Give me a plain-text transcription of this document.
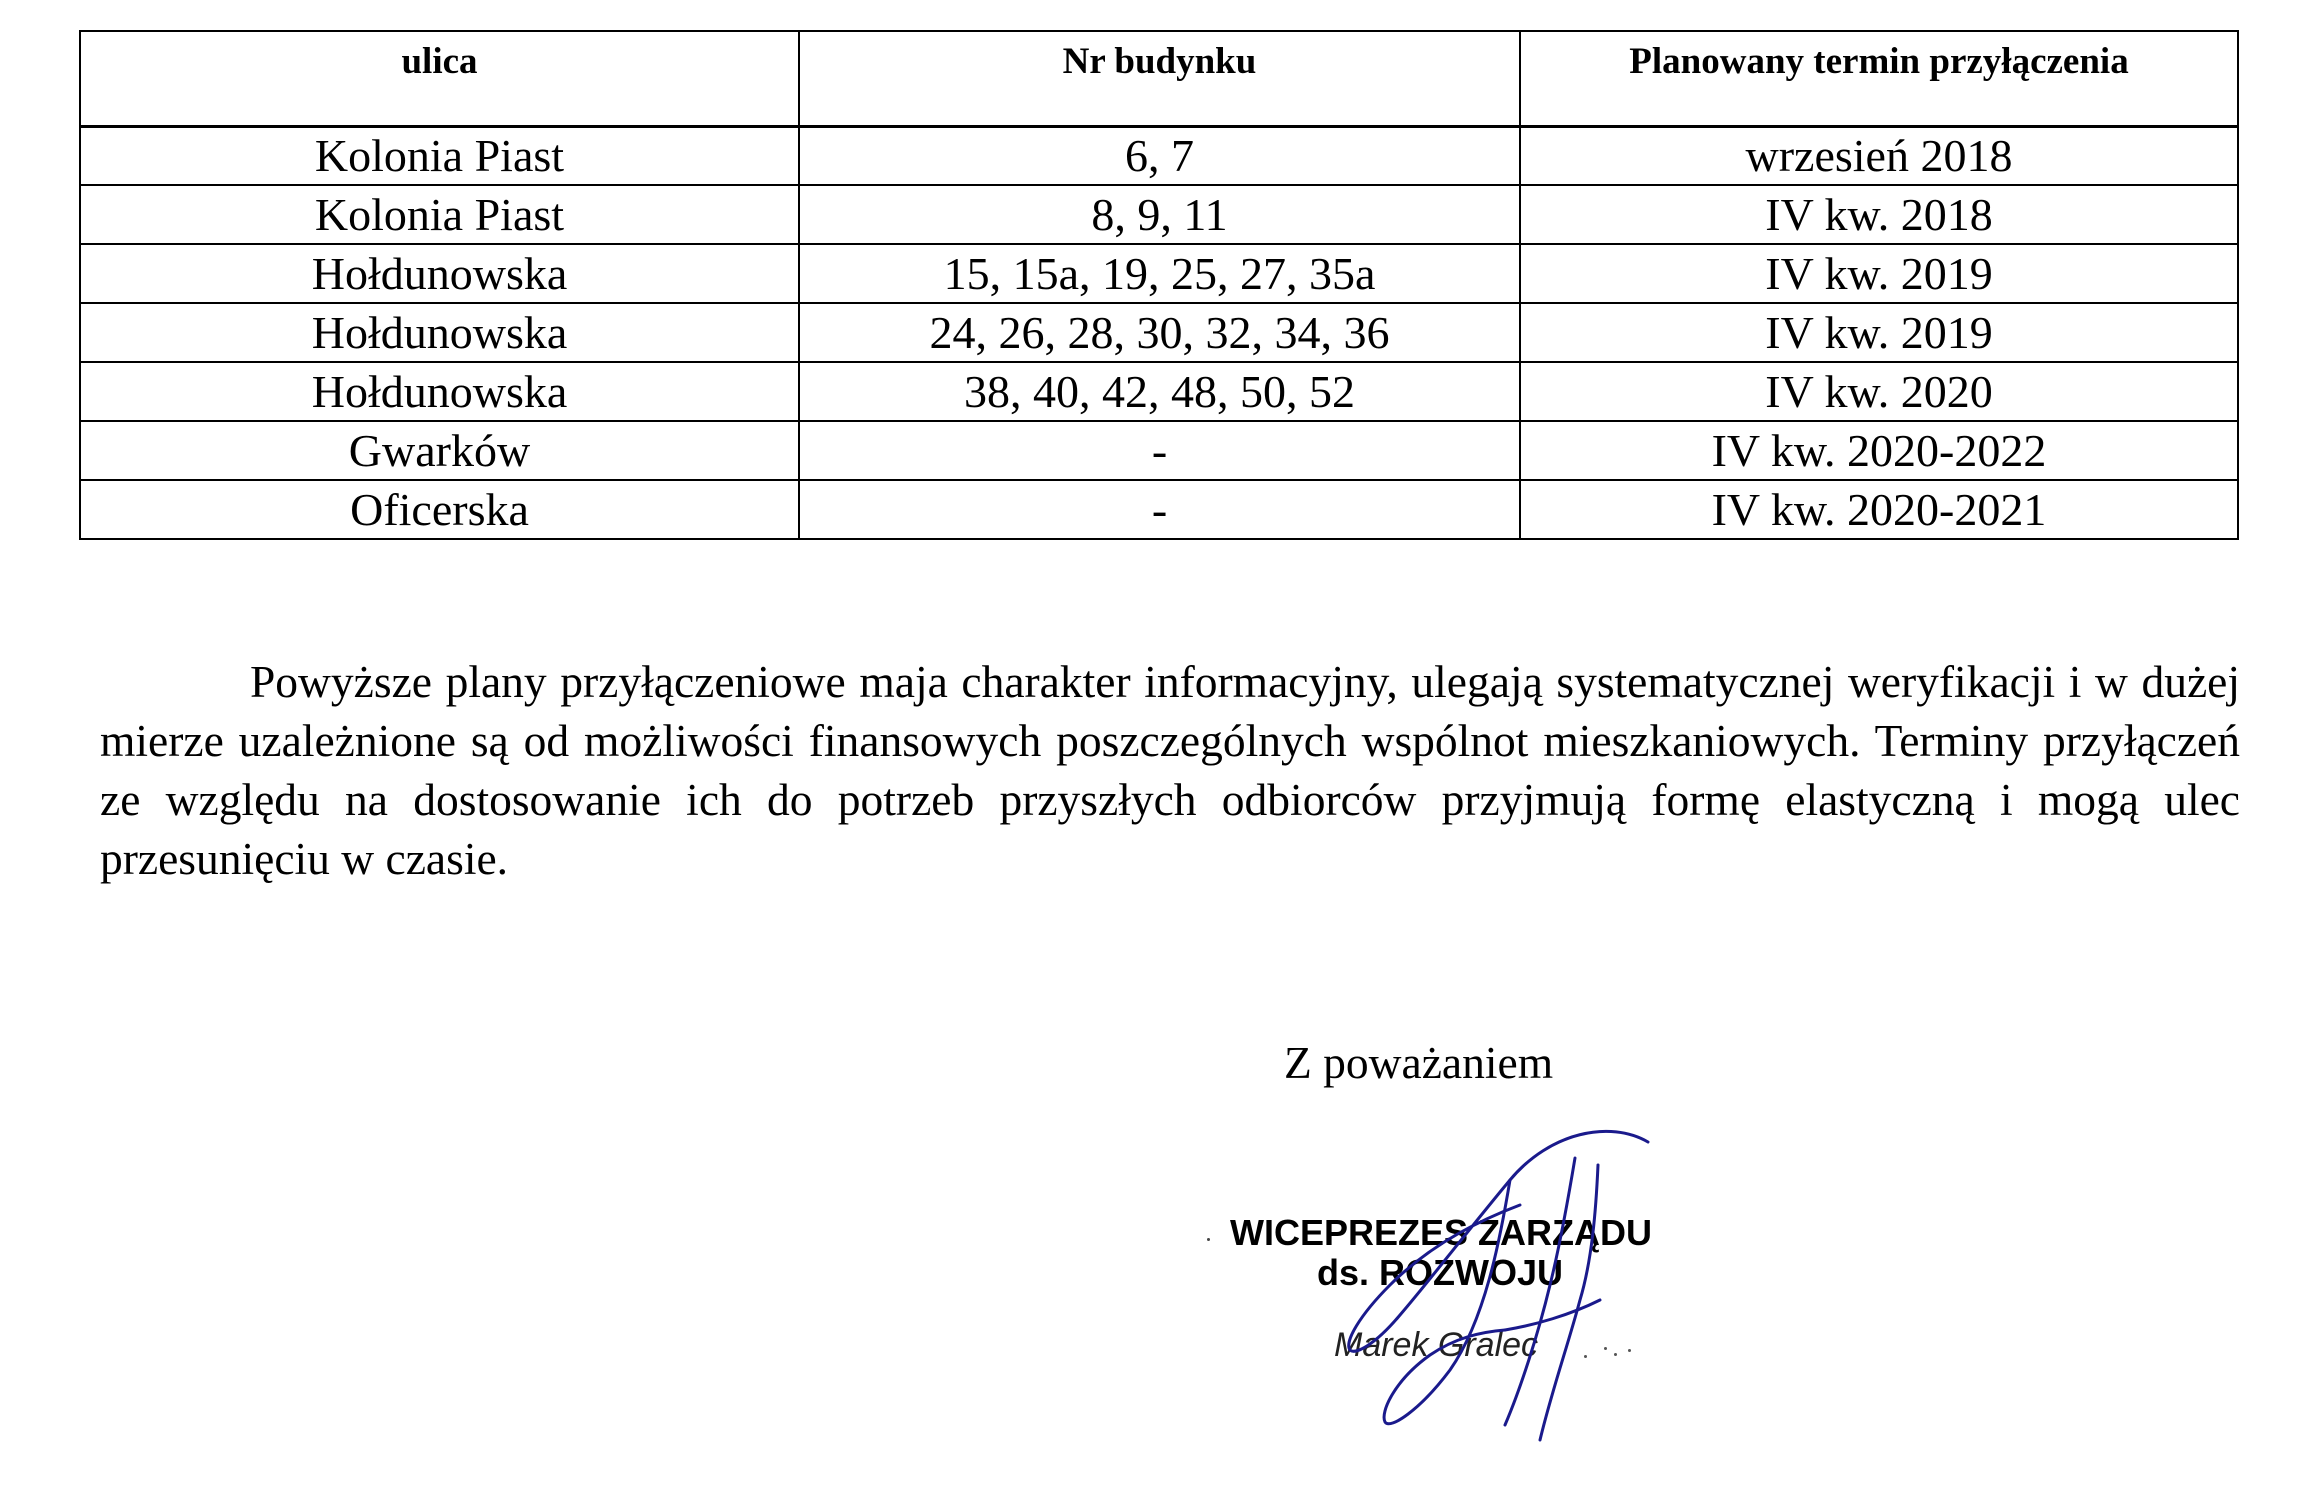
ulica	Nr budynku	Planowany termin przyłączenia
Kolonia Piast	6, 7	wrzesień 2018
Kolonia Piast	8, 9, 11	IV kw. 2018
Hołdunowska	15, 15a, 19, 25, 27, 35a	IV kw. 2019
Hołdunowska	24, 26, 28, 30, 32, 34, 36	IV kw. 2019
Hołdunowska	38, 40, 42, 48, 50, 52	IV kw. 2020
Gwarków	-	IV kw. 2020-2022
Oficerska	-	IV kw. 2020-2021

Powyższe plany przyłączeniowe maja charakter informacyjny, ulegają systematycznej weryfikacji i w dużej mierze uzależnione są od możliwości finansowych poszczególnych wspólnot mieszkaniowych. Terminy przyłączeń ze względu na dostosowanie ich do potrzeb przyszłych odbiorców przyjmują formę elastyczną i mogą ulec przesunięciu w czasie.

Z poważaniem
WICEPREZES ZARZĄDU
ds. ROZWOJU
Marek Gralec
